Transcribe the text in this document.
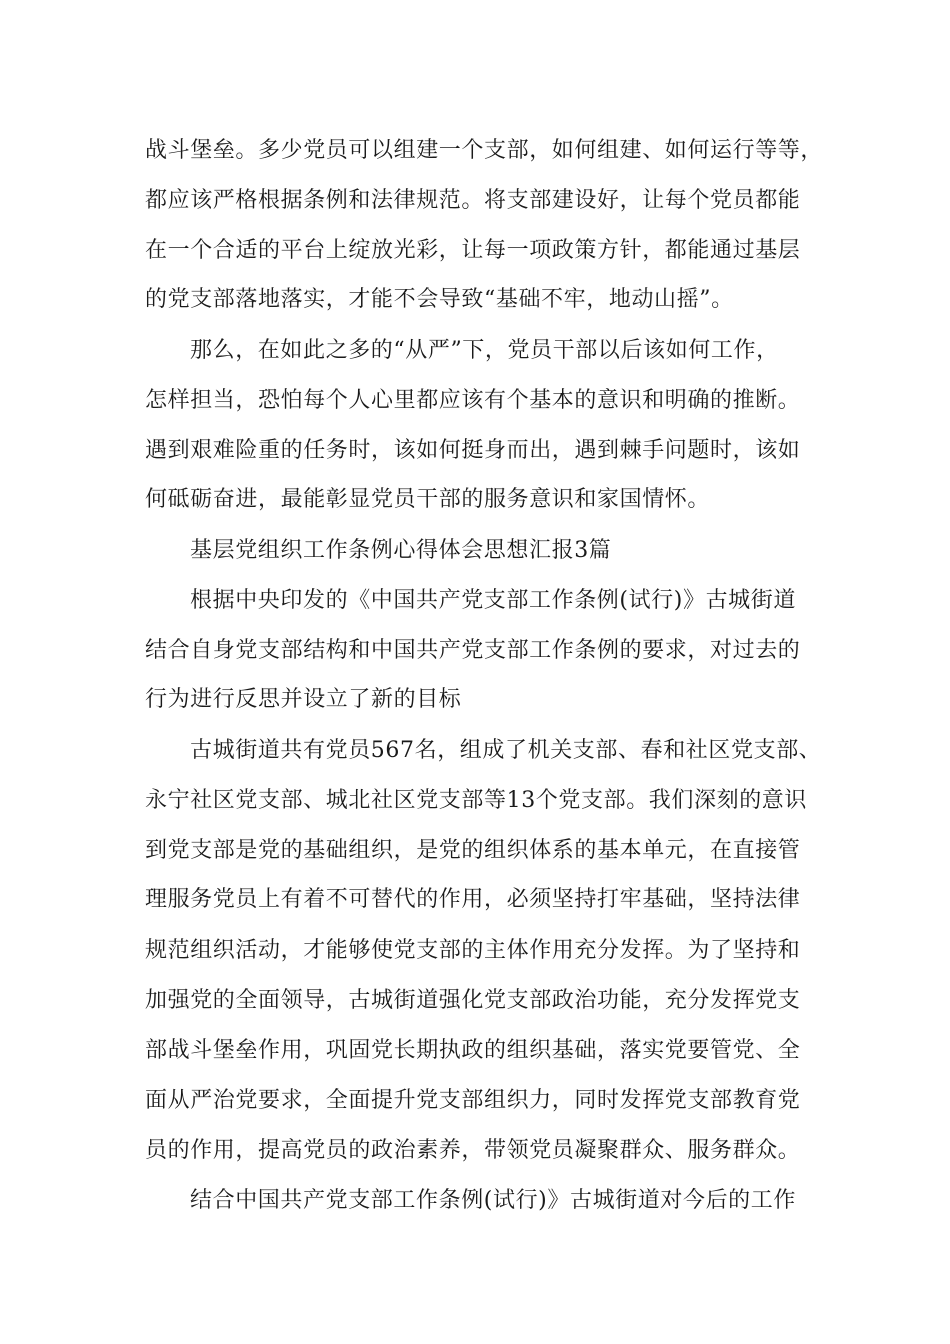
战斗堡垒。多少党员可以组建一个支部，如何组建、如何运行等等，
都应该严格根据条例和法律规范。将支部建设好，让每个党员都能
在一个合适的平台上绽放光彩，让每一项政策方针，都能通过基层
的党支部落地落实，才能不会导致“基础不牢，地动山摇”。
那么，在如此之多的“从严”下，党员干部以后该如何工作，
怎样担当，恐怕每个人心里都应该有个基本的意识和明确的推断。
遇到艰难险重的任务时，该如何挺身而出，遇到棘手问题时，该如
何砥砺奋进，最能彰显党员干部的服务意识和家国情怀。
基层党组织工作条例心得体会思想汇报3篇
根据中央印发的《中国共产党支部工作条例(试行)》古城街道
结合自身党支部结构和中国共产党支部工作条例的要求，对过去的
行为进行反思并设立了新的目标
古城街道共有党员567名，组成了机关支部、春和社区党支部、
永宁社区党支部、城北社区党支部等13个党支部。我们深刻的意识
到党支部是党的基础组织，是党的组织体系的基本单元，在直接管
理服务党员上有着不可替代的作用，必须坚持打牢基础，坚持法律
规范组织活动，才能够使党支部的主体作用充分发挥。为了坚持和
加强党的全面领导，古城街道强化党支部政治功能，充分发挥党支
部战斗堡垒作用，巩固党长期执政的组织基础，落实党要管党、全
面从严治党要求，全面提升党支部组织力，同时发挥党支部教育党
员的作用，提高党员的政治素养，带领党员凝聚群众、服务群众。
结合中国共产党支部工作条例(试行)》古城街道对今后的工作
